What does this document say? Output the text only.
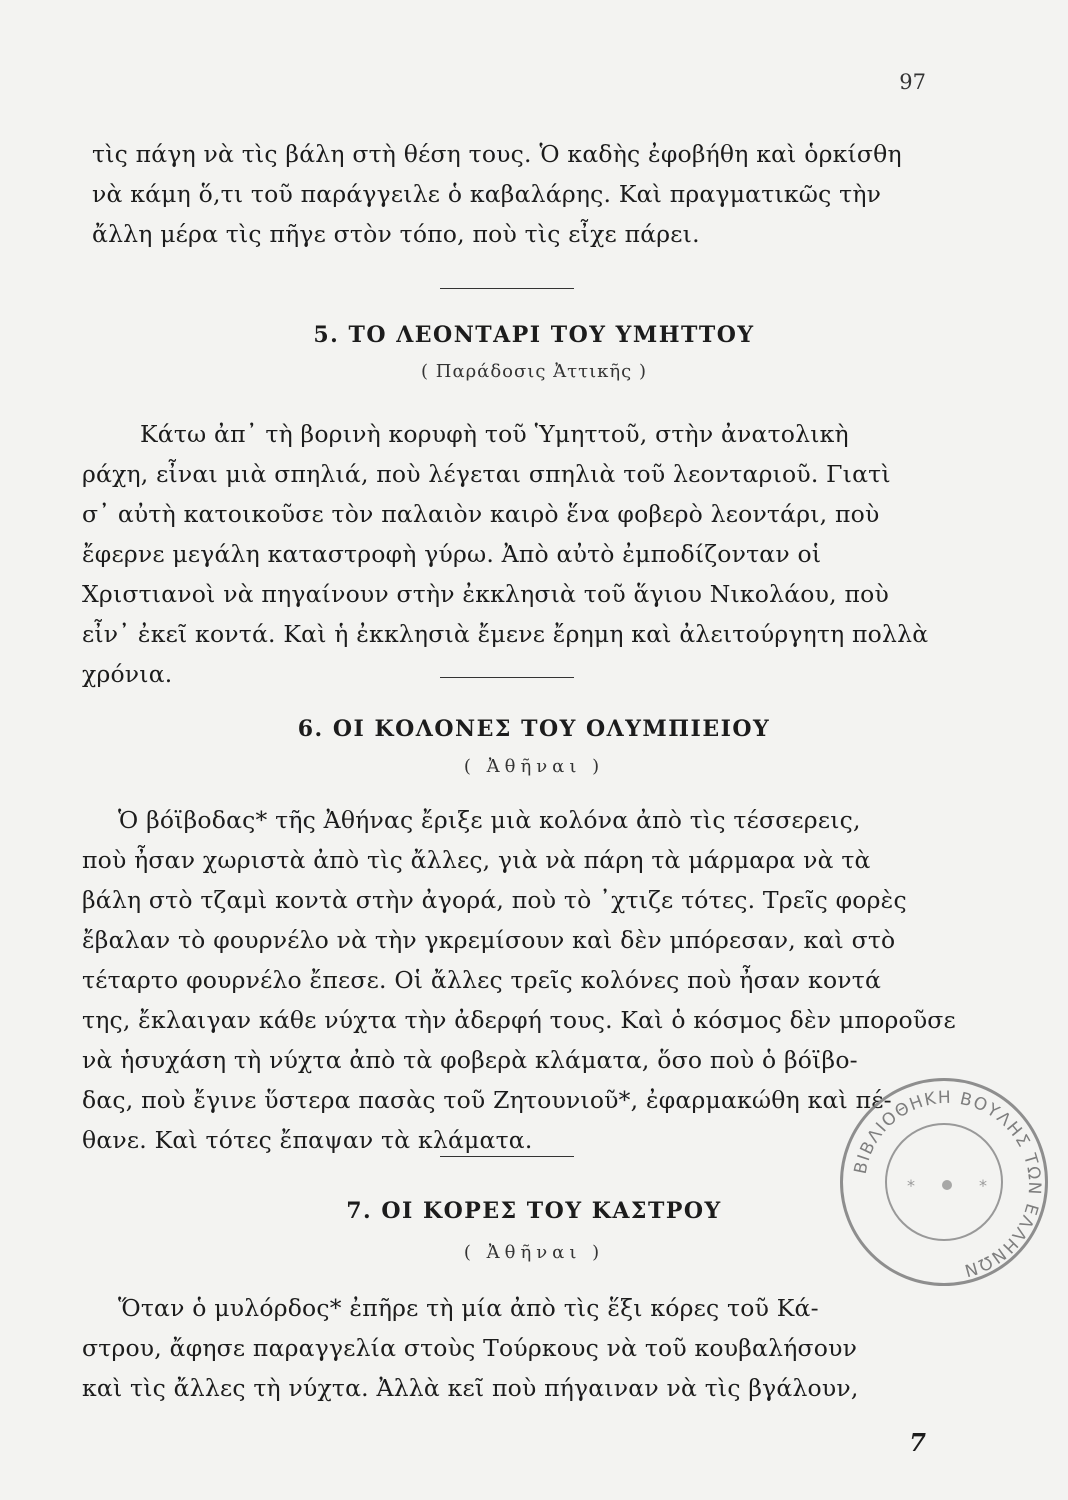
97

τὶς πάγη νὰ τὶς βάλη στὴ θέση τους. Ὁ καδὴς ἐφοβήθη καὶ ὁρκίσθη

νὰ κάμη ὅ,τι τοῦ παράγγειλε ὁ καβαλάρης. Καὶ πραγματικῶς τὴν

ἄλλη μέρα τὶς πῆγε στὸν τόπο, ποὺ τὶς εἶχε πάρει.

5. ΤΟ ΛΕΟΝΤΑΡΙ ΤΟΥ ΥΜΗΤΤΟΥ
( Παράδοσις Ἀττικῆς )

Κάτω ἀπ᾽ τὴ βορινὴ κορυφὴ τοῦ Ὑμηττοῦ, στὴν ἀνατολικὴ

ράχη, εἶναι μιὰ σπηλιά, ποὺ λέγεται σπηλιὰ τοῦ λεονταριοῦ. Γιατὶ

σ᾽ αὐτὴ κατοικοῦσε τὸν παλαιὸν καιρὸ ἕνα φοβερὸ λεοντάρι, ποὺ

ἔφερνε μεγάλη καταστροφὴ γύρω. Ἀπὸ αὐτὸ ἐμποδίζονταν οἱ

Χριστιανοὶ νὰ πηγαίνουν στὴν ἐκκλησιὰ τοῦ ἅγιου Νικολάου, ποὺ

εἶν᾽ ἐκεῖ κοντά. Καὶ ἡ ἐκκλησιὰ ἔμενε ἔρημη καὶ ἀλειτούργητη πολλὰ

χρόνια.

6. ΟΙ ΚΟΛΟΝΕΣ ΤΟΥ ΟΛΥΜΠΙΕΙΟΥ
( Ἀθῆναι )

Ὁ βόϊβοδας* τῆς Ἀθήνας ἔριξε μιὰ κολόνα ἀπὸ τὶς τέσσερεις,

ποὺ ἦσαν χωριστὰ ἀπὸ τὶς ἄλλες, γιὰ νὰ πάρη τὰ μάρμαρα νὰ τὰ

βάλη στὸ τζαμὶ κοντὰ στὴν ἀγορά, ποὺ τὸ ᾽χτιζε τότες. Τρεῖς φορὲς

ἔβαλαν τὸ φουρνέλο νὰ τὴν γκρεμίσουν καὶ δὲν μπόρεσαν, καὶ στὸ

τέταρτο φουρνέλο ἔπεσε. Οἱ ἄλλες τρεῖς κολόνες ποὺ ἦσαν κοντά

της, ἔκλαιγαν κάθε νύχτα τὴν ἀδερφή τους. Καὶ ὁ κόσμος δὲν μποροῦσε

νὰ ἡσυχάση τὴ νύχτα ἀπὸ τὰ φοβερὰ κλάματα, ὅσο ποὺ ὁ βόϊβο-

δας, ποὺ ἔγινε ὕστερα πασὰς τοῦ Ζητουνιοῦ*, ἐφαρμακώθη καὶ πέ-

θανε. Καὶ τότες ἔπαψαν τὰ κλάματα.

7. ΟΙ ΚΟΡΕΣ ΤΟΥ ΚΑΣΤΡΟΥ
( Ἀθῆναι )

Ὅταν ὁ μυλόρδος* ἐπῆρε τὴ μία ἀπὸ τὶς ἕξι κόρες τοῦ Κά-

στρου, ἄφησε παραγγελία στοὺς Τούρκους νὰ τοῦ κουβαλήσουν

καὶ τὶς ἄλλες τὴ νύχτα. Ἀλλὰ κεῖ ποὺ πήγαιναν νὰ τὶς βγάλουν,

7
ΒΙΒΛΙΟΘΗΚΗ ΒΟΥΛΗΣ ΤΩΝ ΕΛΛΗΝΩΝ
*	*
